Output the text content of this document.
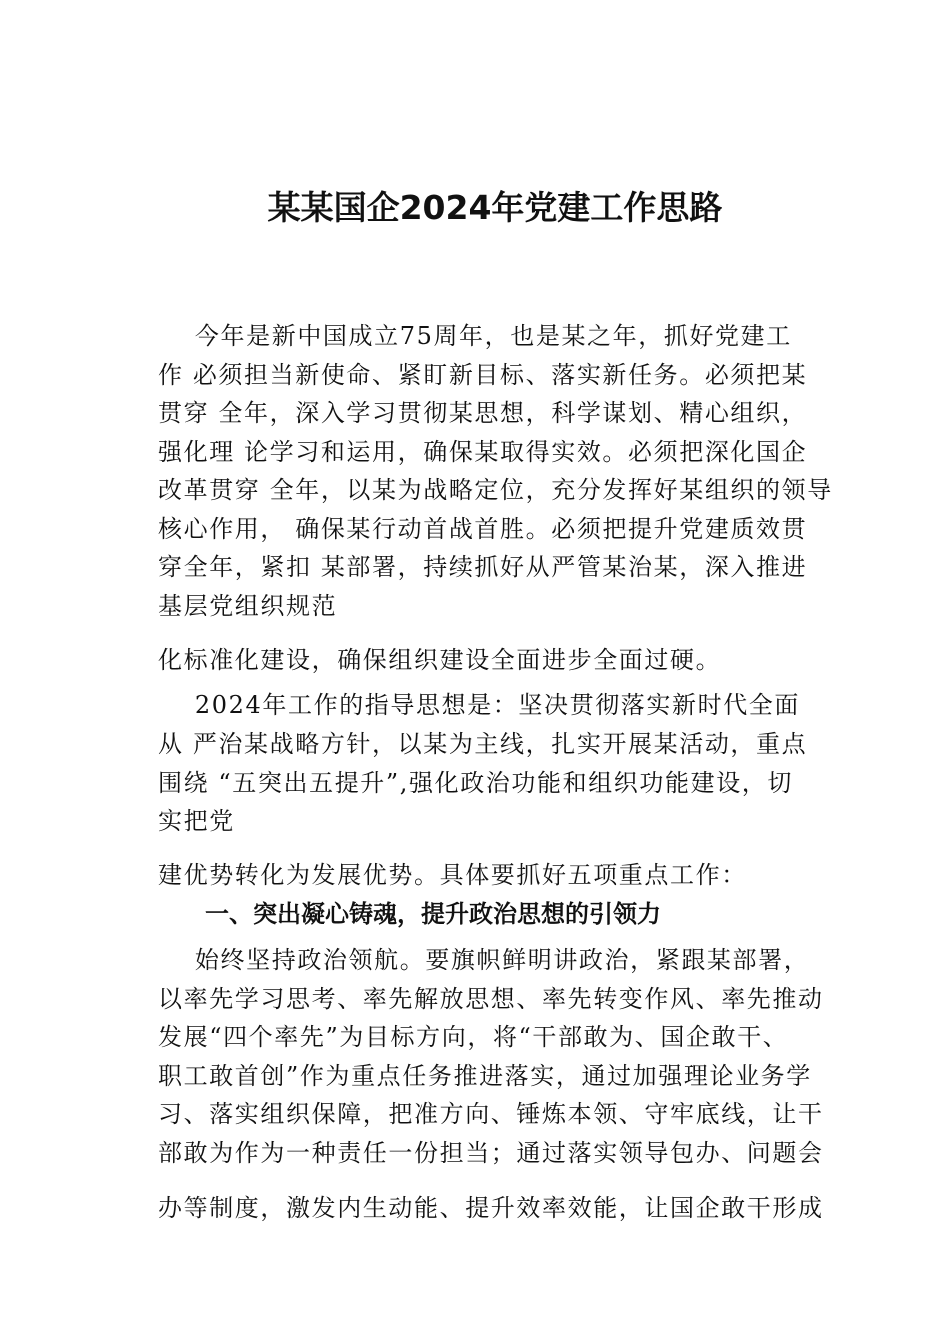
某某国企2024年党建工作思路
今年是新中国成立75周年，也是某之年，抓好党建工
作 必须担当新使命、紧盯新目标、落实新任务。必须把某
贯穿 全年，深入学习贯彻某思想，科学谋划、精心组织，
强化理 论学习和运用，确保某取得实效。必须把深化国企
改革贯穿 全年，以某为战略定位，充分发挥好某组织的领导
核心作用， 确保某行动首战首胜。必须把提升党建质效贯
穿全年，紧扣 某部署，持续抓好从严管某治某，深入推进
基层党组织规范
化标准化建设，确保组织建设全面进步全面过硬。
2024年工作的指导思想是：坚决贯彻落实新时代全面
从 严治某战略方针，以某为主线，扎实开展某活动，重点
围绕 “五突出五提升”,强化政治功能和组织功能建设，切
实把党
建优势转化为发展优势。具体要抓好五项重点工作：
一、突出凝心铸魂，提升政治思想的引领力
始终坚持政治领航。要旗帜鲜明讲政治，紧跟某部署，
以率先学习思考、率先解放思想、率先转变作风、率先推动
发展“四个率先”为目标方向，将“干部敢为、国企敢干、
职工敢首创”作为重点任务推进落实，通过加强理论业务学
习、落实组织保障，把准方向、锤炼本领、守牢底线，让干
部敢为作为一种责任一份担当；通过落实领导包办、问题会
办等制度，激发内生动能、提升效率效能，让国企敢干形成
